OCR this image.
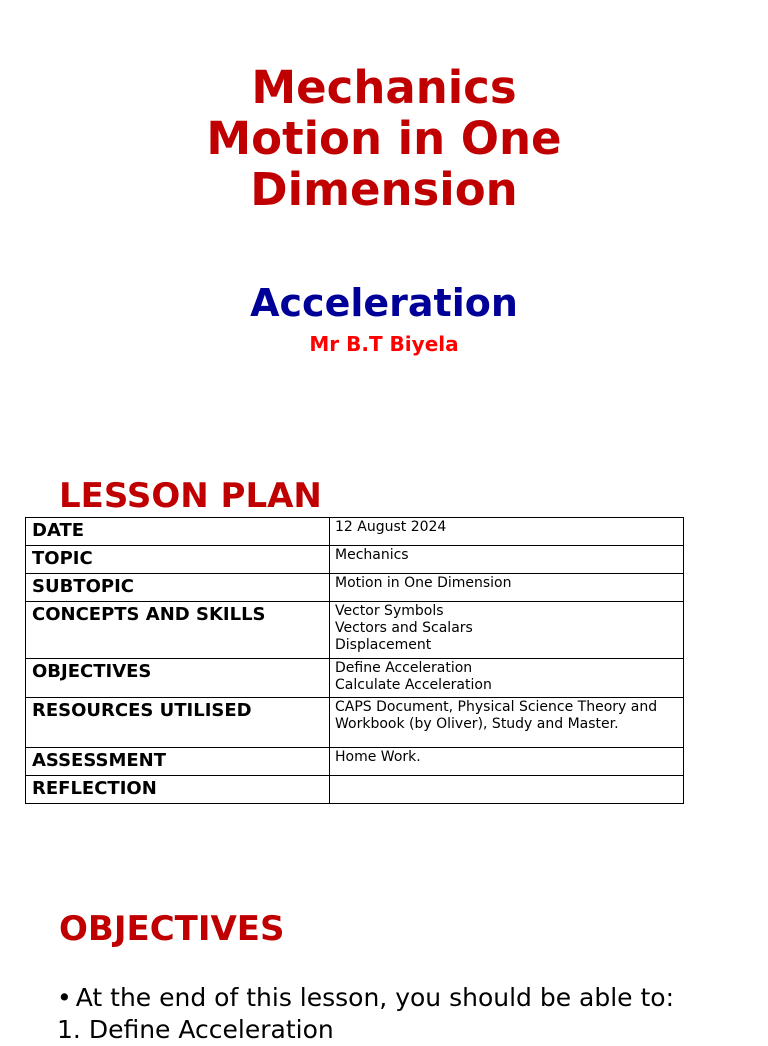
Mechanics
Motion in One
Dimension
Acceleration
Mr B.T Biyela
LESSON PLAN
DATE	12 August 2024

TOPIC	Mechanics

SUBTOPIC	Motion in One Dimension

CONCEPTS AND SKILLS	Vector Symbols
Vectors and Scalars
Displacement

OBJECTIVES	Define Acceleration
Calculate Acceleration

RESOURCES UTILISED	CAPS Document, Physical Science Theory and
Workbook (by Oliver), Study and Master.

ASSESSMENT	Home Work.

REFLECTION	
OBJECTIVES
• At the end of this lesson, you should be able to:
1. Define Acceleration
